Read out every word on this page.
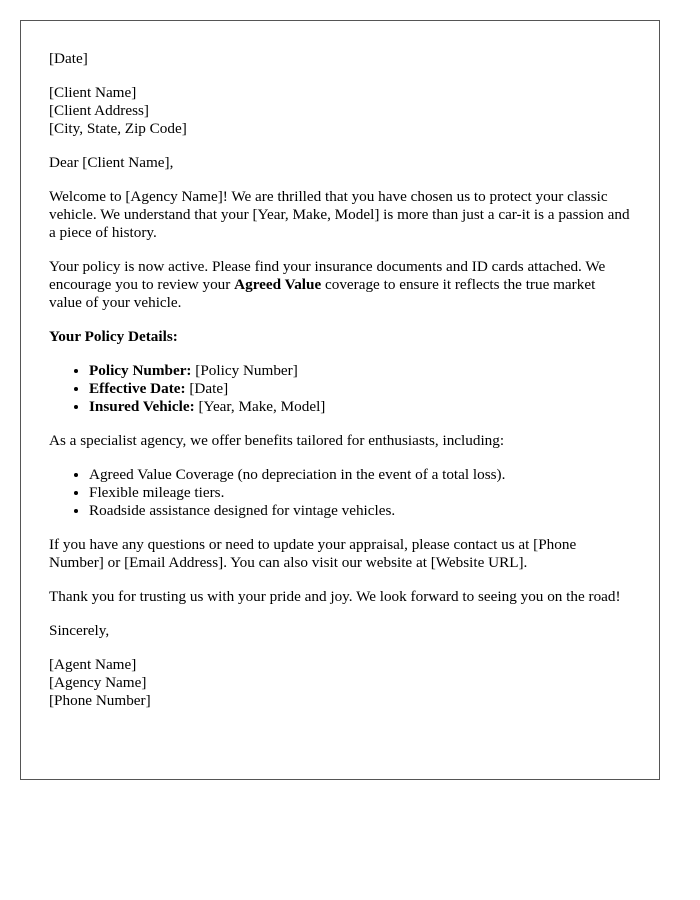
[Date]

[Client Name]
[Client Address]
[City, State, Zip Code]

Dear [Client Name],

Welcome to [Agency Name]! We are thrilled that you have chosen us to protect your classic vehicle. We understand that your [Year, Make, Model] is more than just a car-it is a passion and a piece of history.

Your policy is now active. Please find your insurance documents and ID cards attached. We encourage you to review your Agreed Value coverage to ensure it reflects the true market value of your vehicle.

Your Policy Details:

• Policy Number: [Policy Number]
• Effective Date: [Date]
• Insured Vehicle: [Year, Make, Model]

As a specialist agency, we offer benefits tailored for enthusiasts, including:

• Agreed Value Coverage (no depreciation in the event of a total loss).
• Flexible mileage tiers.
• Roadside assistance designed for vintage vehicles.

If you have any questions or need to update your appraisal, please contact us at [Phone Number] or [Email Address]. You can also visit our website at [Website URL].

Thank you for trusting us with your pride and joy. We look forward to seeing you on the road!

Sincerely,

[Agent Name]
[Agency Name]
[Phone Number]
